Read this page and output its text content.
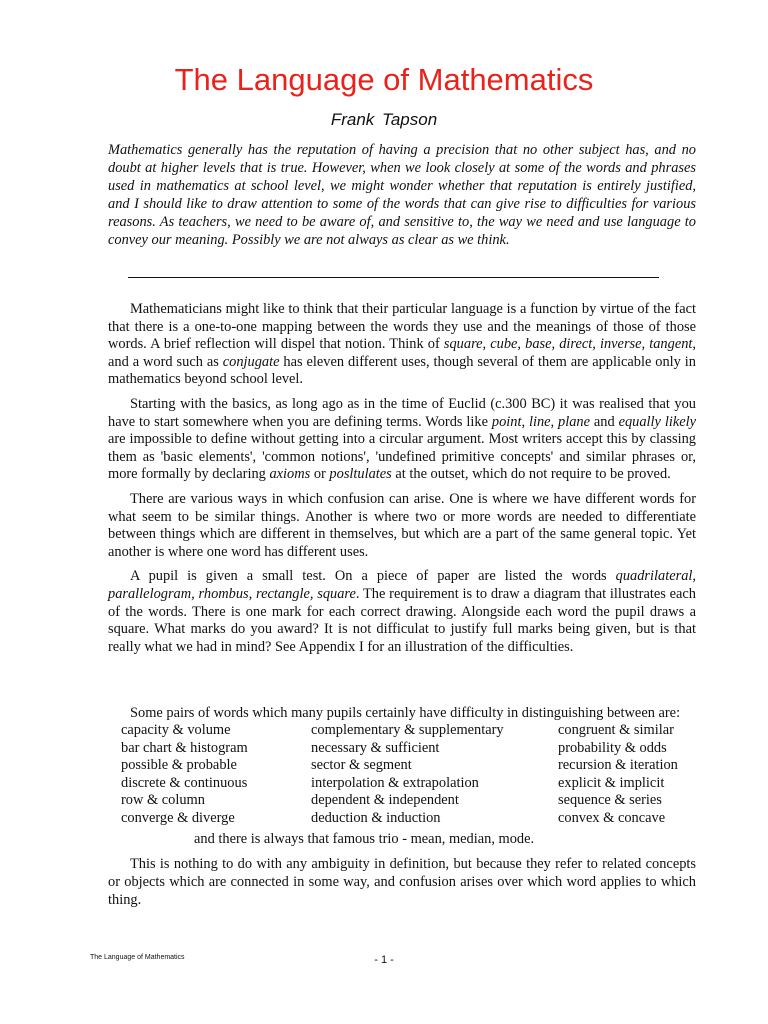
The Language of Mathematics
Frank Tapson

Mathematics generally has the reputation of having a precision that no other subject has, and no doubt at higher levels that is true. However, when we look closely at some of the words and phrases used in mathematics at school level, we might wonder whether that reputation is entirely justified, and I should like to draw attention to some of the words that can give rise to difficulties for various reasons. As teachers, we need to be aware of, and sensitive to, the way we need and use language to convey our meaning. Possibly we are not always as clear as we think.

Mathematicians might like to think that their particular language is a function by virtue of the fact that there is a one-to-one mapping between the words they use and the meanings of those of those words. A brief reflection will dispel that notion. Think of square, cube, base, direct, inverse, tangent, and a word such as conjugate has eleven different uses, though several of them are applicable only in mathematics beyond school level.

Starting with the basics, as long ago as in the time of Euclid (c.300 BC) it was realised that you have to start somewhere when you are defining terms. Words like point, line, plane and equally likely are impossible to define without getting into a circular argument. Most writers accept this by classing them as 'basic elements', 'common notions', 'undefined primitive concepts' and similar phrases or, more formally by declaring axioms or posltulates at the outset, which do not require to be proved.

There are various ways in which confusion can arise. One is where we have different words for what seem to be similar things. Another is where two or more words are needed to differentiate between things which are different in themselves, but which are a part of the same general topic. Yet another is where one word has different uses.

A pupil is given a small test. On a piece of paper are listed the words quadrilateral, parallelogram, rhombus, rectangle, square. The requirement is to draw a diagram that illustrates each of the words. There is one mark for each correct drawing. Alongside each word the pupil draws a square. What marks do you award? It is not difficulat to justify full marks being given, but is that really what we had in mind? See Appendix I for an illustration of the difficulties.

Some pairs of words which many pupils certainly have difficulty in distinguishing between are:

capacity & volume
bar chart & histogram
possible & probable
discrete & continuous
row & column
converge & diverge
complementary & supplementary
necessary & sufficient
sector & segment
interpolation & extrapolation
dependent & independent
deduction & induction
congruent & similar
probability & odds
recursion & iteration
explicit & implicit
sequence & series
convex & concave
and there is always that famous trio - mean, median, mode.

This is nothing to do with any ambiguity in definition, but because they refer to related concepts or objects which are connected in some way, and confusion arises over which word applies to which thing.

The Language of Mathematics	- 1 -
